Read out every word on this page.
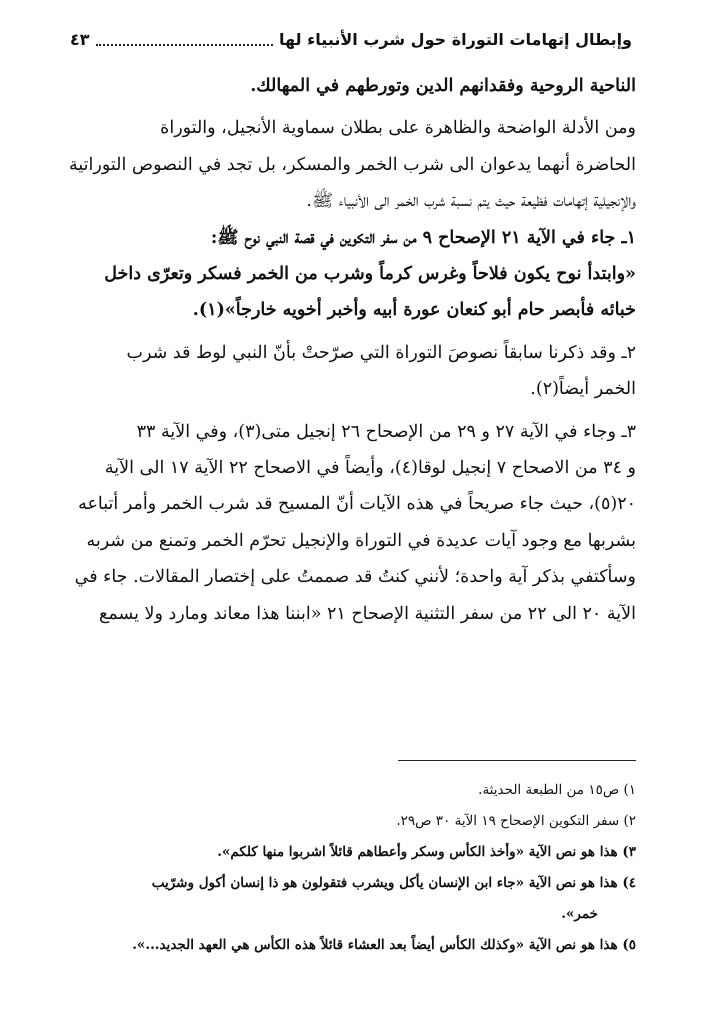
وإبطال إتهامات التوراة حول شرب الأنبياء لها
٤٣

الناحية الروحية وفقدانهم الدين وتورطهم في المهالك.

ومن الأدلة الواضحة والظاهرة على بطلان سماوية الأنجيل، والتوراة

الحاضرة أنهما يدعوان الى شرب الخمر والمسكر، بل تجد في النصوص التوراتية

والإنجيلية إتهامات فظيعة حيث يتم نسبة شرب الخمر الى الأنبياء ﷺ.

١ـ جاء في الآية ٢١ الإصحاح ٩ من سفر التكوين في قصة النبي نوح ﷺ:

«وابتدأ نوح يكون فلاحاً وغرس كرماً وشرب من الخمر فسكر وتعرّى داخل

خبائه فأبصر حام أبو كنعان عورة أبيه وأخبر أخويه خارجاً»(١).

٢ـ وقد ذكرنا سابقاً نصوصَ التوراة التي صرّحتْ بأنّ النبي لوط قد شرب

الخمر أيضاً(٢).

٣ـ وجاء في الآية ٢٧ و ٢٩ من الإصحاح ٢٦ إنجيل متى(٣)، وفي الآية ٣٣

و ٣٤ من الاصحاح ٧ إنجيل لوقا(٤)، وأيضاً في الاصحاح ٢٢ الآية ١٧ الى الآية

٢٠(٥)، حيث جاء صريحاً في هذه الآيات أنّ المسيح قد شرب الخمر وأمر أتباعه

بشربها مع وجود آيات عديدة في التوراة والإنجيل تحرّم الخمر وتمنع من شربه

وسأكتفي بذكر آية واحدة؛ لأنني كنتُ قد صممتُ على إختصار المقالات. جاء في

الآية ٢٠ الى ٢٢ من سفر التثنية الإصحاح ٢١ «ابننا هذا معاند ومارد ولا يسمع

١) ص١٥ من الطبعة الحديثة.

٢) سفر التكوين الإصحاح ١٩ الآية ٣٠ ص٢٩.

٣) هذا هو نص الآية «وأخذ الكأس وسكر وأعطاهم قائلاً اشربوا منها كلكم».

٤) هذا هو نص الآية «جاء ابن الإنسان يأكل ويشرب فتقولون هو ذا إنسان أكول وشرّيب

خمر».

٥) هذا هو نص الآية «وكذلك الكأس أيضاً بعد العشاء قائلاً هذه الكأس هي العهد الجديد...».
